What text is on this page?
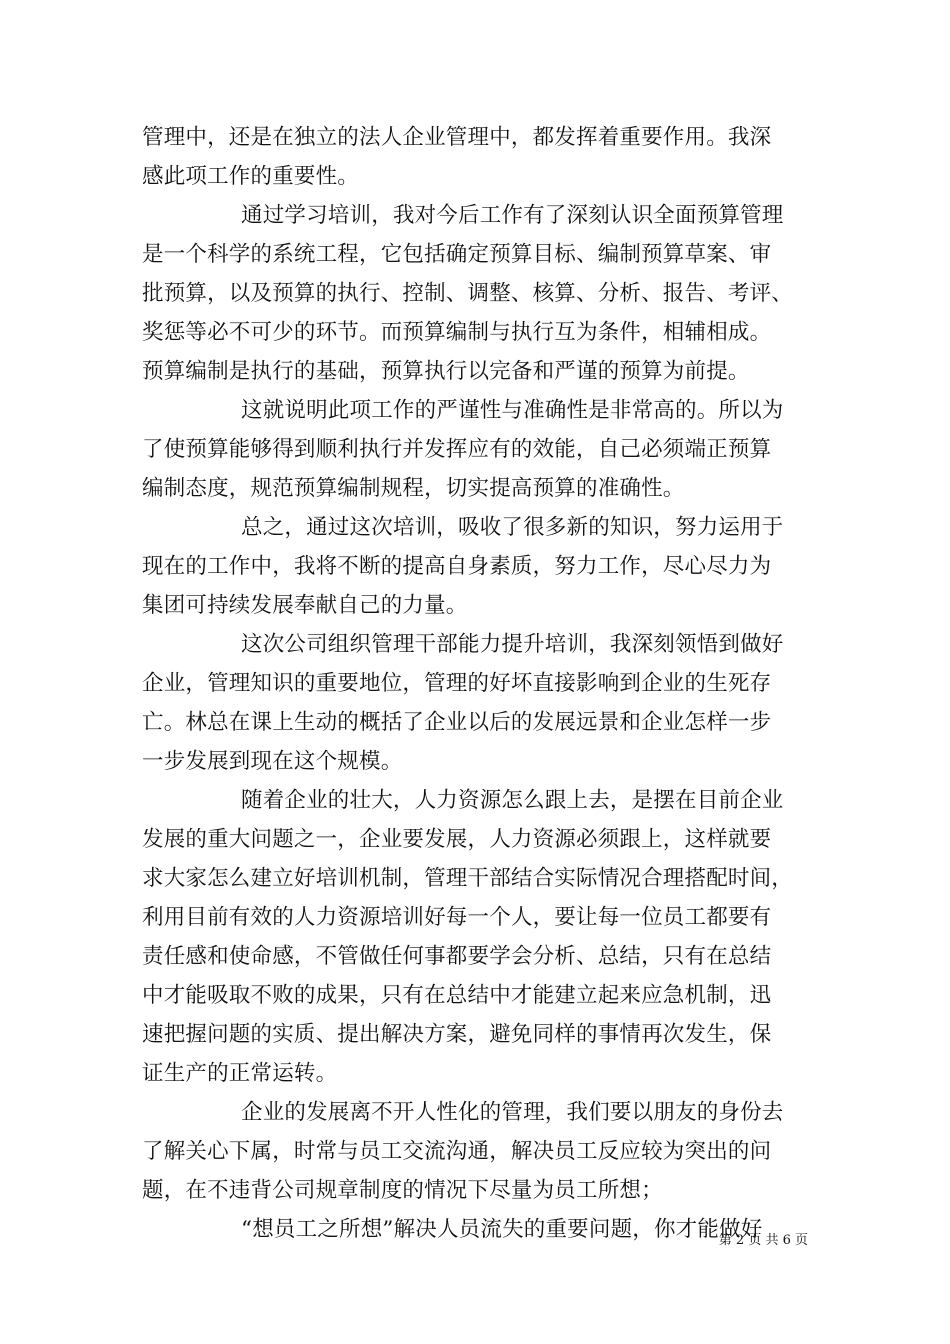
管理中，还是在独立的法人企业管理中，都发挥着重要作用。我深

感此项工作的重要性。

通过学习培训，我对今后工作有了深刻认识全面预算管理

是一个科学的系统工程，它包括确定预算目标、编制预算草案、审

批预算，以及预算的执行、控制、调整、核算、分析、报告、考评、

奖惩等必不可少的环节。而预算编制与执行互为条件，相辅相成。

预算编制是执行的基础，预算执行以完备和严谨的预算为前提。

这就说明此项工作的严谨性与准确性是非常高的。所以为

了使预算能够得到顺利执行并发挥应有的效能，自己必须端正预算

编制态度，规范预算编制规程，切实提高预算的准确性。

总之，通过这次培训，吸收了很多新的知识，努力运用于

现在的工作中，我将不断的提高自身素质，努力工作，尽心尽力为

集团可持续发展奉献自己的力量。

这次公司组织管理干部能力提升培训，我深刻领悟到做好

企业，管理知识的重要地位，管理的好坏直接影响到企业的生死存

亡。林总在课上生动的概括了企业以后的发展远景和企业怎样一步

一步发展到现在这个规模。

随着企业的壮大，人力资源怎么跟上去，是摆在目前企业

发展的重大问题之一，企业要发展，人力资源必须跟上，这样就要

求大家怎么建立好培训机制，管理干部结合实际情况合理搭配时间，

利用目前有效的人力资源培训好每一个人，要让每一位员工都要有

责任感和使命感，不管做任何事都要学会分析、总结，只有在总结

中才能吸取不败的成果，只有在总结中才能建立起来应急机制，迅

速把握问题的实质、提出解决方案，避免同样的事情再次发生，保

证生产的正常运转。

企业的发展离不开人性化的管理，我们要以朋友的身份去

了解关心下属，时常与员工交流沟通，解决员工反应较为突出的问

题，在不违背公司规章制度的情况下尽量为员工所想；

“想员工之所想”解决人员流失的重要问题，你才能做好

第 2 页 共 6 页
